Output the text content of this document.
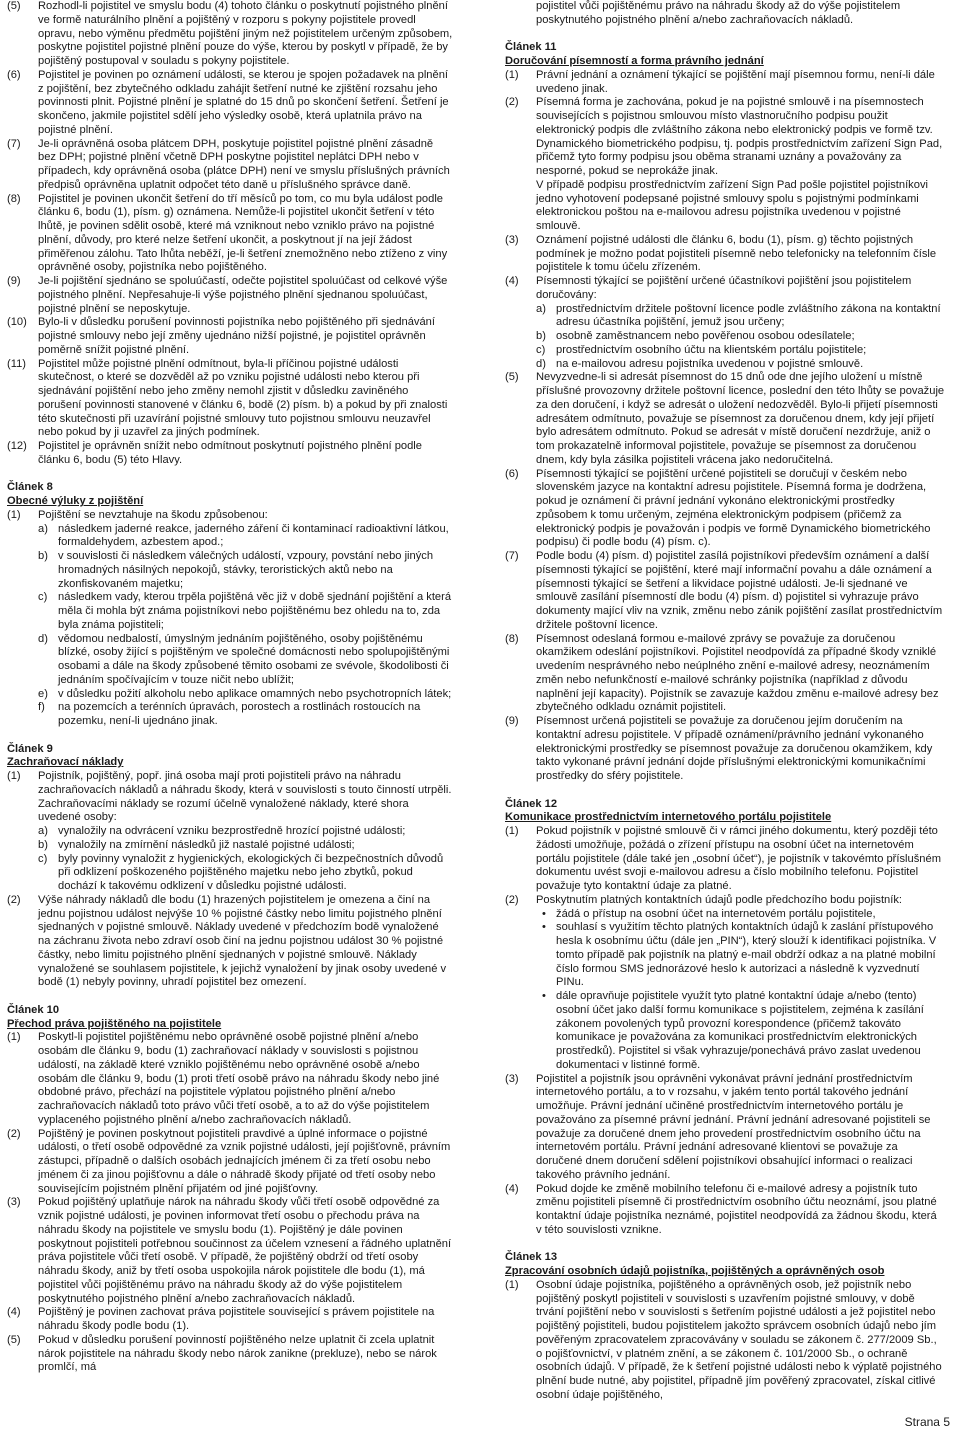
(5) Rozhodl-li pojistitel ve smyslu bodu (4) tohoto článku o poskytnutí pojistného plnění ve formě naturálního plnění a pojištěný v rozporu s pokyny pojistitele provedl opravu, nebo výměnu předmětu pojištění jiným než pojistitelem určeným způsobem, poskytne pojistitel pojistné plnění pouze do výše, kterou by poskytl v případě, že by pojištěný postupoval v souladu s pokyny pojistitele.
(6) Pojistitel je povinen po oznámení události, se kterou je spojen požadavek na plnění z pojištění, bez zbytečného odkladu zahájit šetření nutné ke zjištění rozsahu jeho povinnosti plnit. Pojistné plnění je splatné do 15 dnů po skončení šetření. Šetření je skončeno, jakmile pojistitel sdělí jeho výsledky osobě, která uplatnila právo na pojistné plnění.
(7) Je-li oprávněná osoba plátcem DPH, poskytuje pojistitel pojistné plnění zásadně bez DPH; pojistné plnění včetně DPH poskytne pojistitel neplátci DPH nebo v případech, kdy oprávněná osoba (plátce DPH) není ve smyslu příslušných právních předpisů oprávněna uplatnit odpočet této daně u příslušného správce daně.
(8) Pojistitel je povinen ukončit šetření do tří měsíců po tom, co mu byla událost podle článku 6, bodu (1), písm. g) oznámena. Nemůže-li pojistitel ukončit šetření v této lhůtě, je povinen sdělit osobě, které má vzniknout nebo vzniklo právo na pojistné plnění, důvody, pro které nelze šetření ukončit, a poskytnout jí na její žádost přiměřenou zálohu. Tato lhůta neběží, je-li šetření znemožněno nebo ztíženo z viny oprávněné osoby, pojistníka nebo pojištěného.
(9) Je-li pojištění sjednáno se spoluúčastí, odečte pojistitel spoluúčast od celkové výše pojistného plnění. Nepřesahuje-li výše pojistného plnění sjednanou spoluúčast, pojistné plnění se neposkytuje.
(10) Bylo-li v důsledku porušení povinnosti pojistníka nebo pojištěného při sjednávání pojistné smlouvy nebo její změny ujednáno nižší pojistné, je pojistitel oprávněn poměrně snížit pojistné plnění.
(11) Pojistitel může pojistné plnění odmítnout, byla-li příčinou pojistné události skutečnost, o které se dozvěděl až po vzniku pojistné události nebo kterou při sjednávání pojištění nebo jeho změny nemohl zjistit v důsledku zaviněného porušení povinnosti stanovené v článku 6, bodě (2) písm. b) a pokud by při znalosti této skutečnosti při uzavírání pojistné smlouvy tuto pojistnou smlouvu neuzavřel nebo pokud by ji uzavřel za jiných podmínek.
(12) Pojistitel je oprávněn snížit nebo odmítnout poskytnutí pojistného plnění podle článku 6, bodu (5) této Hlavy.

Článek 8

Obecné výluky z pojištění

(1) Pojištění se nevztahuje na škodu způsobenou:
a) následkem jaderné reakce, jaderného záření či kontaminací radioaktivní látkou, formaldehydem, azbestem apod.;
b) v souvislosti či následkem válečných událostí, vzpoury, povstání nebo jiných hromadných násilných nepokojů, stávky, teroristických aktů nebo na zkonfiskovaném majetku;
c) následkem vady, kterou trpěla pojištěná věc již v době sjednání pojištění a která měla či mohla být známa pojistníkovi nebo pojištěnému bez ohledu na to, zda byla známa pojistiteli;
d) vědomou nedbalostí, úmyslným jednáním pojištěného, osoby pojištěnému blízké, osoby žijící s pojištěným ve společné domácnosti nebo spolupojištěnými osobami a dále na škody způsobené těmito osobami ze svévole, škodolibosti či jednáním spočívajícím v touze ničit nebo ublížit;
e) v důsledku požití alkoholu nebo aplikace omamných nebo psychotropních látek;
f) na pozemcích a terénních úpravách, porostech a rostlinách rostoucích na pozemku, není-li ujednáno jinak.

Článek 9

Zachraňovací náklady

(1) Pojistník, pojištěný, popř. jiná osoba mají proti pojistiteli právo na náhradu zachraňovacích nákladů a náhradu škody, která v souvislosti s touto činností utrpěli. Zachraňovacími náklady se rozumí účelně vynaložené náklady, které shora uvedené osoby:
a) vynaložily na odvrácení vzniku bezprostředně hrozící pojistné události;
b) vynaložily na zmírnění následků již nastalé pojistné události;
c) byly povinny vynaložit z hygienických, ekologických či bezpečnostních důvodů při odklizení poškozeného pojištěného majetku nebo jeho zbytků, pokud dochází k takovému odklizení v důsledku pojistné události.
(2) Výše náhrady nákladů dle bodu (1) hrazených pojistitelem je omezena a činí na jednu pojistnou událost nejvýše 10 % pojistné částky nebo limitu pojistného plnění sjednaných v pojistné smlouvě. Náklady uvedené v předchozím bodě vynaložené na záchranu života nebo zdraví osob činí na jednu pojistnou událost 30 % pojistné částky, nebo limitu pojistného plnění sjednaných v pojistné smlouvě. Náklady vynaložené se souhlasem pojistitele, k jejichž vynaložení by jinak osoby uvedené v bodě (1) nebyly povinny, uhradí pojistitel bez omezení.

Článek 10

Přechod práva pojištěného na pojistitele

(1) Poskytl-li pojistitel pojištěnému nebo oprávněné osobě pojistné plnění a/nebo osobám dle článku 9, bodu (1) zachraňovací náklady v souvislosti s pojistnou událostí, na základě které vzniklo pojištěnému nebo oprávněné osobě a/nebo osobám dle článku 9, bodu (1) proti třetí osobě právo na náhradu škody nebo jiné obdobné právo, přechází na pojistitele výplatou pojistného plnění a/nebo zachraňovacích nákladů toto právo vůči třetí osobě, a to až do výše pojistitelem vyplaceného pojistného plnění a/nebo zachraňovacích nákladů.
(2) Pojištěný je povinen poskytnout pojistiteli pravdivé a úplné informace o pojistné události, o třetí osobě odpovědné za vznik pojistné události, její pojišťovně, právním zástupci, případně o dalších osobách jednajících jménem či za třetí osobu nebo jménem či za jinou pojišťovnu a dále o náhradě škody přijaté od třetí osoby nebo souvisejícím pojistném plnění přijatém od jiné pojišťovny.
(3) Pokud pojištěný uplatňuje nárok na náhradu škody vůči třetí osobě odpovědné za vznik pojistné události, je povinen informovat třetí osobu o přechodu práva na náhradu škody na pojistitele ve smyslu bodu (1). Pojištěný je dále povinen poskytnout pojistiteli potřebnou součinnost za účelem vznesení a řádného uplatnění práva pojistitele vůči třetí osobě. V případě, že pojištěný obdrží od třetí osoby náhradu škody, aniž by třetí osoba uspokojila nárok pojistitele dle bodu (1), má pojistitel vůči pojištěnému právo na náhradu škody až do výše pojistitelem poskytnutého pojistného plnění a/nebo zachraňovacích nákladů.
(4) Pojištěný je povinen zachovat práva pojistitele související s právem pojistitele na náhradu škody podle bodu (1).
(5) Pokud v důsledku porušení povinností pojištěného nelze uplatnit či zcela uplatnit nárok pojistitele na náhradu škody nebo nárok zanikne (prekluze), nebo se nárok promlčí, má
pojistitel vůči pojištěnému právo na náhradu škody až do výše pojistitelem poskytnutého pojistného plnění a/nebo zachraňovacích nákladů.

Článek 11

Doručování písemností a forma právního jednání

(1) Právní jednání a oznámení týkající se pojištění mají písemnou formu, není-li dále uvedeno jinak.
(2) Písemná forma je zachována, pokud je na pojistné smlouvě i na písemnostech souvisejících s pojistnou smlouvou místo vlastnoručního podpisu použit elektronický podpis dle zvláštního zákona nebo elektronický podpis ve formě tzv. Dynamického biometrického podpisu, tj. podpis prostřednictvím zařízení Sign Pad, přičemž tyto formy podpisu jsou oběma stranami uznány a považovány za nesporné, pokud se neprokáže jinak.
V případě podpisu prostřednictvím zařízení Sign Pad pošle pojistitel pojistníkovi jedno vyhotovení podepsané pojistné smlouvy spolu s pojistnými podmínkami elektronickou poštou na e-mailovou adresu pojistníka uvedenou v pojistné smlouvě.
(3) Oznámení pojistné události dle článku 6, bodu (1), písm. g) těchto pojistných podmínek je možno podat pojistiteli písemně nebo telefonicky na telefonním čísle pojistitele k tomu účelu zřízeném.
(4) Písemnosti týkající se pojištění určené účastníkovi pojištění jsou pojistitelem doručovány:
a) prostřednictvím držitele poštovní licence podle zvláštního zákona na kontaktní adresu účastníka pojištění, jemuž jsou určeny;
b) osobně zaměstnancem nebo pověřenou osobou odesílatele;
c) prostřednictvím osobního účtu na klientském portálu pojistitele;
d) na e-mailovou adresu pojistníka uvedenou v pojistné smlouvě.
(5) Nevyzvedne-li si adresát písemnost do 15 dnů ode dne jejího uložení u místně příslušné provozovny držitele poštovní licence, poslední den této lhůty se považuje za den doručení, i když se adresát o uložení nedozvěděl. Bylo-li přijetí písemnosti adresátem odmítnuto, považuje se písemnost za doručenou dnem, kdy její přijetí bylo adresátem odmítnuto. Pokud se adresát v místě doručení nezdržuje, aniž o tom prokazatelně informoval pojistitele, považuje se písemnost za doručenou dnem, kdy byla zásilka pojistiteli vrácena jako nedoručitelná.
(6) Písemnosti týkající se pojištění určené pojistiteli se doručují v českém nebo slovenském jazyce na kontaktní adresu pojistitele. Písemná forma je dodržena, pokud je oznámení či právní jednání vykonáno elektronickými prostředky způsobem k tomu určeným, zejména elektronickým podpisem (přičemž za elektronický podpis je považován i podpis ve formě Dynamického biometrického podpisu) či podle bodu (4) písm. c).
(7) Podle bodu (4) písm. d) pojistitel zasílá pojistníkovi především oznámení a další písemnosti týkající se pojištění, které mají informační povahu a dále oznámení a písemnosti týkající se šetření a likvidace pojistné události. Je-li sjednané ve smlouvě zasílání písemností dle bodu (4) písm. d) pojistitel si vyhrazuje právo dokumenty mající vliv na vznik, změnu nebo zánik pojištění zasílat prostřednictvím držitele poštovní licence.
(8) Písemnost odeslaná formou e-mailové zprávy se považuje za doručenou okamžikem odeslání pojistníkovi. Pojistitel neodpovídá za případné škody vzniklé uvedením nesprávného nebo neúplného znění e-mailové adresy, neoznámením změn nebo nefunkčností e-mailové schránky pojistníka (například z důvodu naplnění její kapacity). Pojistník se zavazuje každou změnu e-mailové adresy bez zbytečného odkladu oznámit pojistiteli.
(9) Písemnost určená pojistiteli se považuje za doručenou jejím doručením na kontaktní adresu pojistitele. V případě oznámení/právního jednání vykonaného elektronickými prostředky se písemnost považuje za doručenou okamžikem, kdy takto vykonané právní jednání dojde příslušnými elektronickými komunikačními prostředky do sféry pojistitele.

Článek 12

Komunikace prostřednictvím internetového portálu pojistitele

(1) Pokud pojistník v pojistné smlouvě či v rámci jiného dokumentu, který později této žádosti umožňuje, požádá o zřízení přístupu na osobní účet na internetovém portálu pojistitele (dále také jen „osobní účet“), je pojistník v takovémto příslušném dokumentu uvést svoji e-mailovou adresu a číslo mobilního telefonu. Pojistitel považuje tyto kontaktní údaje za platné.
(2) Poskytnutím platných kontaktních údajů podle předchozího bodu pojistník:
• žádá o přístup na osobní účet na internetovém portálu pojistitele,
• souhlasí s využitím těchto platných kontaktních údajů k zaslání přístupového hesla k osobnímu účtu (dále jen „PIN“), který slouží k identifikaci pojistníka. V tomto případě pak pojistník na platný e-mail obdrží odkaz a na platné mobilní číslo formou SMS jednorázové heslo k autorizaci a následně k vyzvednutí PINu.
• dále opravňuje pojistitele využít tyto platné kontaktní údaje a/nebo (tento) osobní účet jako další formu komunikace s pojistitelem, zejména k zasílání zákonem povolených typů provozní korespondence (přičemž takováto komunikace je považována za komunikaci prostřednictvím elektronických prostředků). Pojistitel si však vyhrazuje/ponechává právo zaslat uvedenou dokumentaci v listinné formě.
(3) Pojistitel a pojistník jsou oprávněni vykonávat právní jednání prostřednictvím internetového portálu, a to v rozsahu, v jakém tento portál takového jednání umožňuje. Právní jednání učiněné prostřednictvím internetového portálu je považováno za písemné právní jednání. Právní jednání adresované pojistiteli se považuje za doručené dnem jeho provedení prostřednictvím osobního účtu na internetovém portálu. Právní jednání adresované klientovi se považuje za doručené dnem doručení sdělení pojistníkovi obsahující informaci o realizaci takového právního jednání.
(4) Pokud dojde ke změně mobilního telefonu či e-mailové adresy a pojistník tuto změnu pojistiteli písemně či prostřednictvím osobního účtu neoznámí, jsou platné kontaktní údaje pojistníka neznámé, pojistitel neodpovídá za žádnou škodu, která v této souvislosti vznikne.

Článek 13

Zpracování osobních údajů pojistníka, pojištěných a oprávněných osob

(1) Osobní údaje pojistníka, pojištěného a oprávněných osob, jež pojistník nebo pojištěný poskytl pojistiteli v souvislosti s uzavřením pojistné smlouvy, v době trvání pojištění nebo v souvislosti s šetřením pojistné události a jež pojistitel nebo pojištěný pojistiteli, budou pojistitelem jakožto správcem osobních údajů nebo jím pověřeným zpracovatelem zpracovávány v souladu se zákonem č. 277/2009 Sb., o pojišťovnictví, v platném znění, a se zákonem č. 101/2000 Sb., o ochraně osobních údajů. V případě, že k šetření pojistné události nebo k výplatě pojistného plnění bude nutné, aby pojistitel, případně jím pověřený zpracovatel, získal citlivé osobní údaje pojištěného,
Strana 5
